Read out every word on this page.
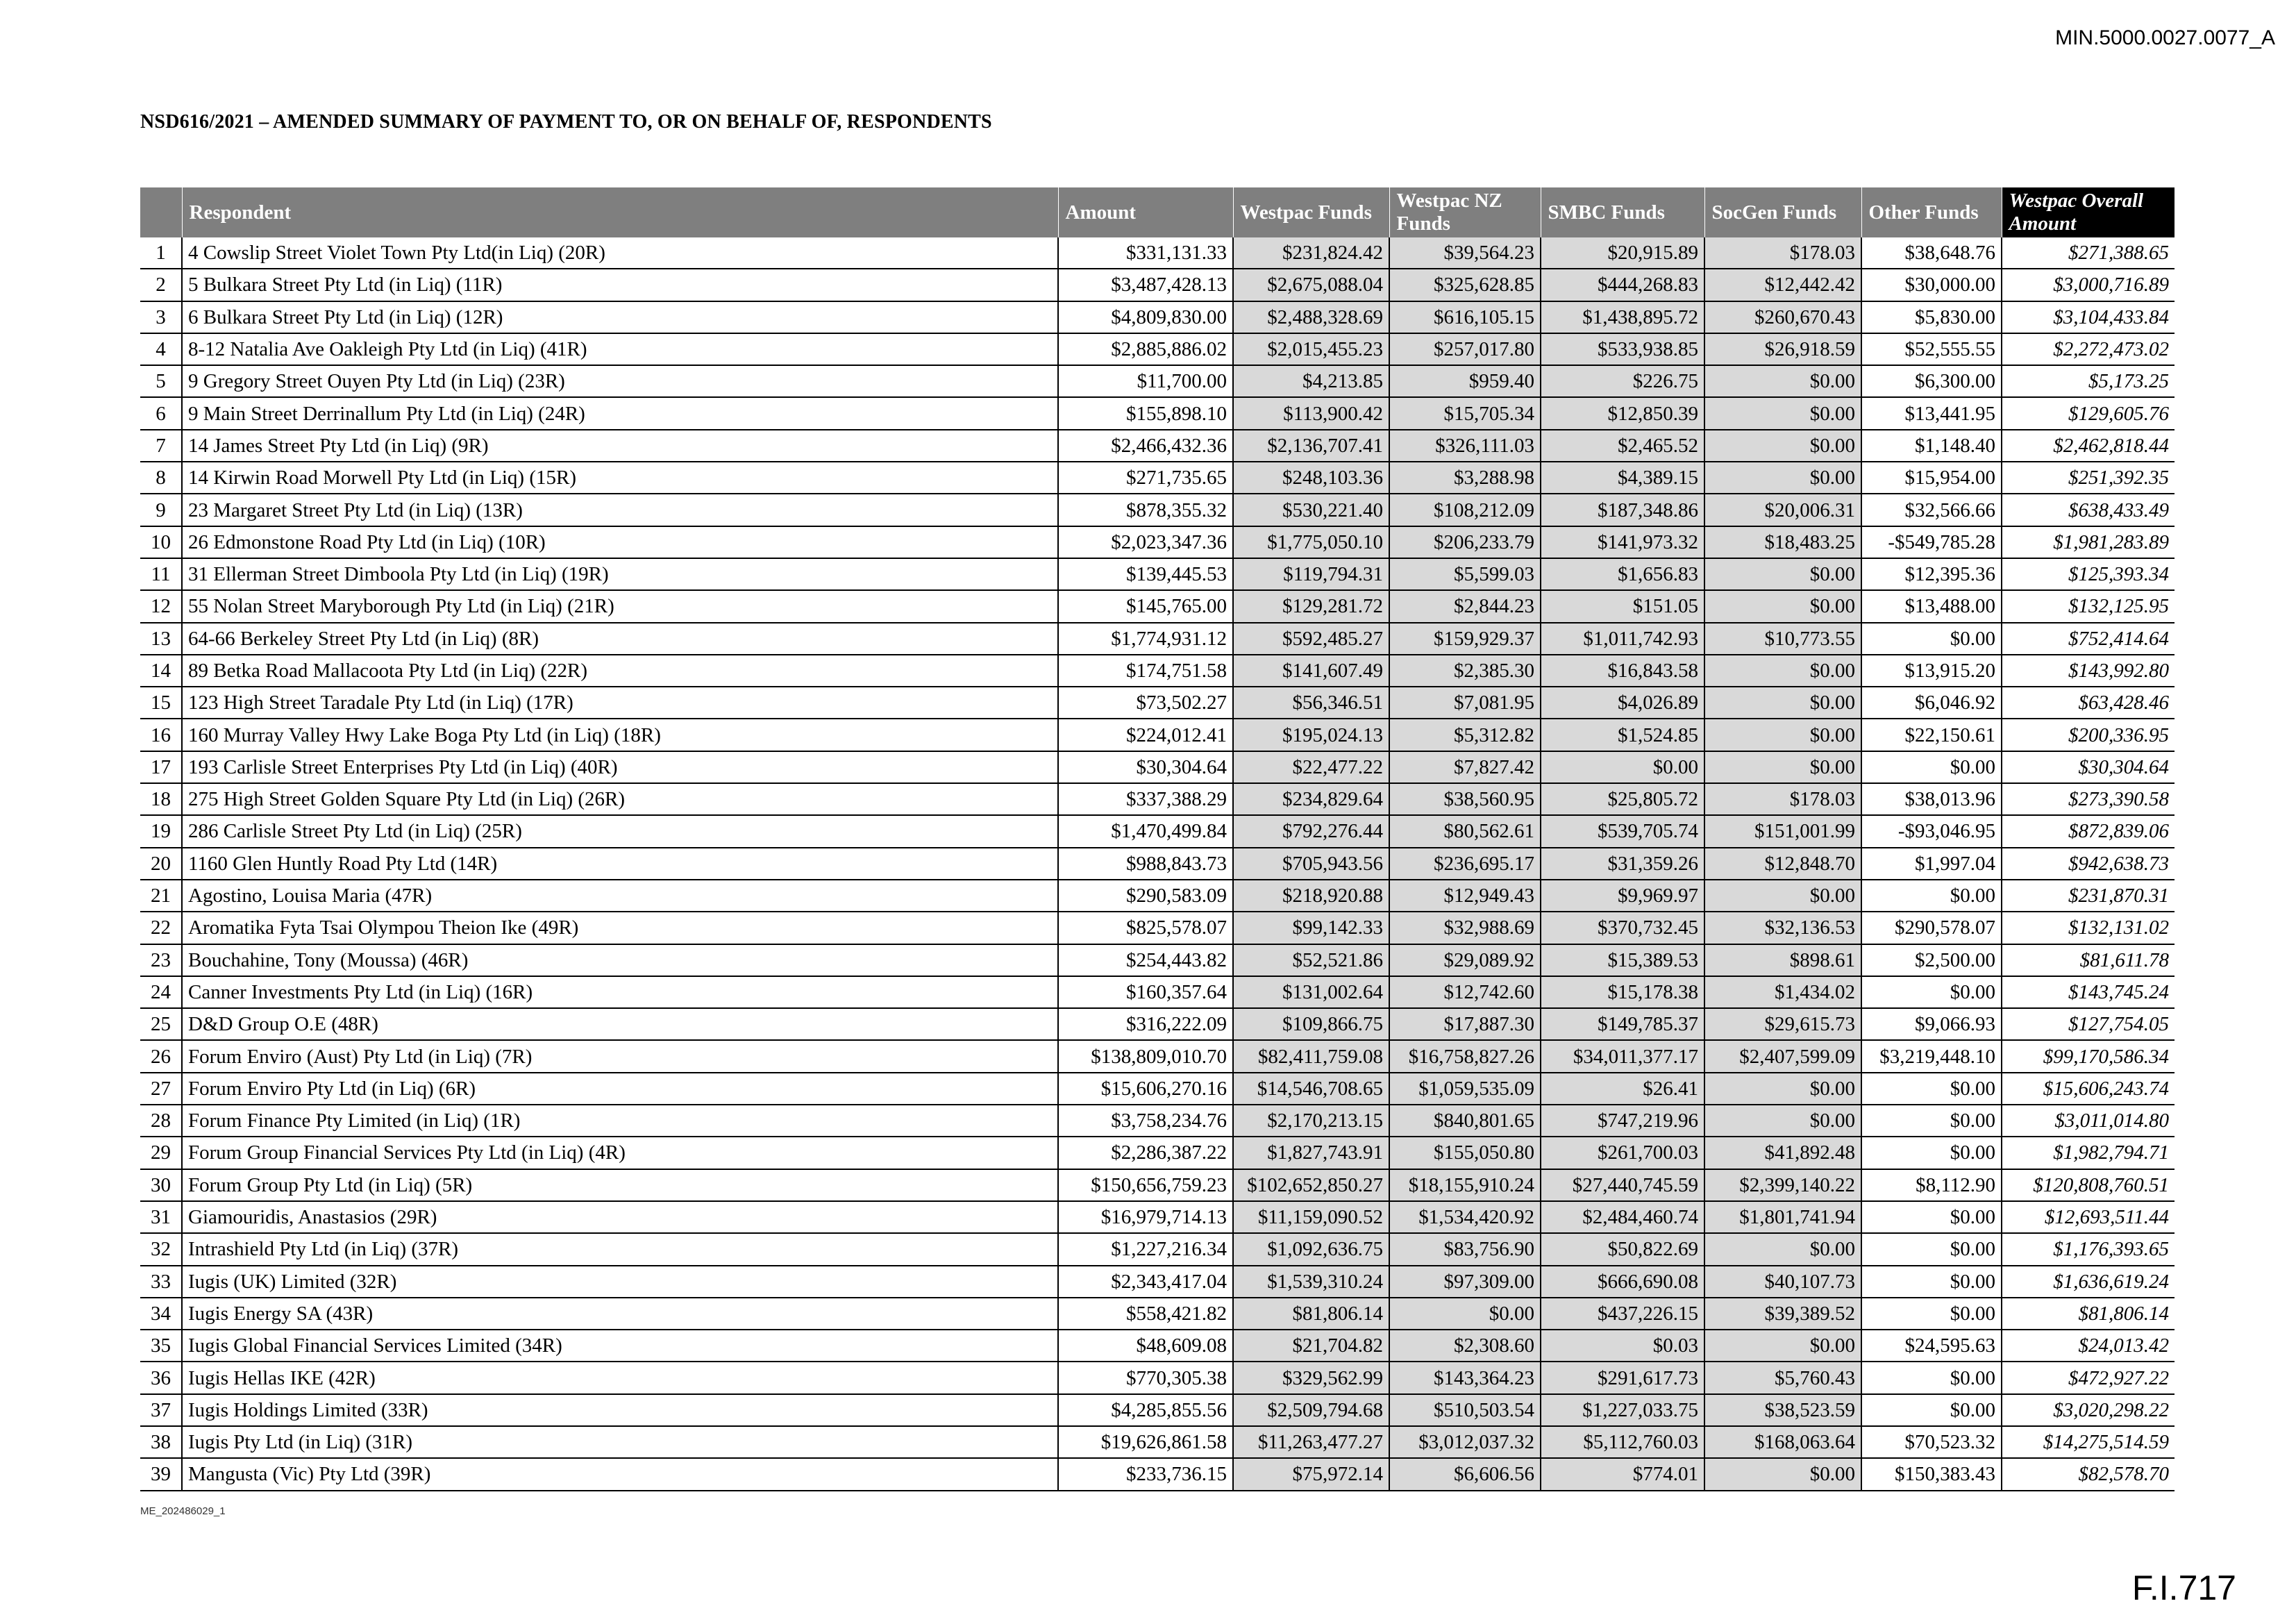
MIN.5000.0027.0077_A
NSD616/2021 – AMENDED SUMMARY OF PAYMENT TO, OR ON BEHALF OF, RESPONDENTS
	Respondent	Amount	Westpac Funds	Westpac NZ Funds	SMBC Funds	SocGen Funds	Other Funds	Westpac Overall Amount
1	4 Cowslip Street Violet Town Pty Ltd(in Liq) (20R)	$331,131.33	$231,824.42	$39,564.23	$20,915.89	$178.03	$38,648.76	$271,388.65
2	5 Bulkara Street Pty Ltd (in Liq) (11R)	$3,487,428.13	$2,675,088.04	$325,628.85	$444,268.83	$12,442.42	$30,000.00	$3,000,716.89
3	6 Bulkara Street Pty Ltd (in Liq) (12R)	$4,809,830.00	$2,488,328.69	$616,105.15	$1,438,895.72	$260,670.43	$5,830.00	$3,104,433.84
4	8-12 Natalia Ave Oakleigh Pty Ltd (in Liq) (41R)	$2,885,886.02	$2,015,455.23	$257,017.80	$533,938.85	$26,918.59	$52,555.55	$2,272,473.02
5	9 Gregory Street Ouyen Pty Ltd (in Liq) (23R)	$11,700.00	$4,213.85	$959.40	$226.75	$0.00	$6,300.00	$5,173.25
6	9 Main Street Derrinallum Pty Ltd (in Liq) (24R)	$155,898.10	$113,900.42	$15,705.34	$12,850.39	$0.00	$13,441.95	$129,605.76
7	14 James Street Pty Ltd (in Liq) (9R)	$2,466,432.36	$2,136,707.41	$326,111.03	$2,465.52	$0.00	$1,148.40	$2,462,818.44
8	14 Kirwin Road Morwell Pty Ltd (in Liq) (15R)	$271,735.65	$248,103.36	$3,288.98	$4,389.15	$0.00	$15,954.00	$251,392.35
9	23 Margaret Street Pty Ltd (in Liq) (13R)	$878,355.32	$530,221.40	$108,212.09	$187,348.86	$20,006.31	$32,566.66	$638,433.49
10	26 Edmonstone Road Pty Ltd (in Liq) (10R)	$2,023,347.36	$1,775,050.10	$206,233.79	$141,973.32	$18,483.25	-$549,785.28	$1,981,283.89
11	31 Ellerman Street Dimboola Pty Ltd (in Liq) (19R)	$139,445.53	$119,794.31	$5,599.03	$1,656.83	$0.00	$12,395.36	$125,393.34
12	55 Nolan Street Maryborough Pty Ltd (in Liq) (21R)	$145,765.00	$129,281.72	$2,844.23	$151.05	$0.00	$13,488.00	$132,125.95
13	64-66 Berkeley Street Pty Ltd (in Liq) (8R)	$1,774,931.12	$592,485.27	$159,929.37	$1,011,742.93	$10,773.55	$0.00	$752,414.64
14	89 Betka Road Mallacoota Pty Ltd (in Liq) (22R)	$174,751.58	$141,607.49	$2,385.30	$16,843.58	$0.00	$13,915.20	$143,992.80
15	123 High Street Taradale Pty Ltd (in Liq) (17R)	$73,502.27	$56,346.51	$7,081.95	$4,026.89	$0.00	$6,046.92	$63,428.46
16	160 Murray Valley Hwy Lake Boga Pty Ltd (in Liq) (18R)	$224,012.41	$195,024.13	$5,312.82	$1,524.85	$0.00	$22,150.61	$200,336.95
17	193 Carlisle Street Enterprises Pty Ltd (in Liq) (40R)	$30,304.64	$22,477.22	$7,827.42	$0.00	$0.00	$0.00	$30,304.64
18	275 High Street Golden Square Pty Ltd (in Liq) (26R)	$337,388.29	$234,829.64	$38,560.95	$25,805.72	$178.03	$38,013.96	$273,390.58
19	286 Carlisle Street Pty Ltd (in Liq) (25R)	$1,470,499.84	$792,276.44	$80,562.61	$539,705.74	$151,001.99	-$93,046.95	$872,839.06
20	1160 Glen Huntly Road Pty Ltd (14R)	$988,843.73	$705,943.56	$236,695.17	$31,359.26	$12,848.70	$1,997.04	$942,638.73
21	Agostino, Louisa Maria (47R)	$290,583.09	$218,920.88	$12,949.43	$9,969.97	$0.00	$0.00	$231,870.31
22	Aromatika Fyta Tsai Olympou Theion Ike (49R)	$825,578.07	$99,142.33	$32,988.69	$370,732.45	$32,136.53	$290,578.07	$132,131.02
23	Bouchahine, Tony (Moussa) (46R)	$254,443.82	$52,521.86	$29,089.92	$15,389.53	$898.61	$2,500.00	$81,611.78
24	Canner Investments Pty Ltd (in Liq) (16R)	$160,357.64	$131,002.64	$12,742.60	$15,178.38	$1,434.02	$0.00	$143,745.24
25	D&D Group O.E (48R)	$316,222.09	$109,866.75	$17,887.30	$149,785.37	$29,615.73	$9,066.93	$127,754.05
26	Forum Enviro (Aust) Pty Ltd (in Liq) (7R)	$138,809,010.70	$82,411,759.08	$16,758,827.26	$34,011,377.17	$2,407,599.09	$3,219,448.10	$99,170,586.34
27	Forum Enviro Pty Ltd (in Liq) (6R)	$15,606,270.16	$14,546,708.65	$1,059,535.09	$26.41	$0.00	$0.00	$15,606,243.74
28	Forum Finance Pty Limited (in Liq) (1R)	$3,758,234.76	$2,170,213.15	$840,801.65	$747,219.96	$0.00	$0.00	$3,011,014.80
29	Forum Group Financial Services Pty Ltd (in Liq) (4R)	$2,286,387.22	$1,827,743.91	$155,050.80	$261,700.03	$41,892.48	$0.00	$1,982,794.71
30	Forum Group Pty Ltd (in Liq) (5R)	$150,656,759.23	$102,652,850.27	$18,155,910.24	$27,440,745.59	$2,399,140.22	$8,112.90	$120,808,760.51
31	Giamouridis, Anastasios (29R)	$16,979,714.13	$11,159,090.52	$1,534,420.92	$2,484,460.74	$1,801,741.94	$0.00	$12,693,511.44
32	Intrashield Pty Ltd (in Liq) (37R)	$1,227,216.34	$1,092,636.75	$83,756.90	$50,822.69	$0.00	$0.00	$1,176,393.65
33	Iugis (UK) Limited (32R)	$2,343,417.04	$1,539,310.24	$97,309.00	$666,690.08	$40,107.73	$0.00	$1,636,619.24
34	Iugis Energy SA (43R)	$558,421.82	$81,806.14	$0.00	$437,226.15	$39,389.52	$0.00	$81,806.14
35	Iugis Global Financial Services Limited (34R)	$48,609.08	$21,704.82	$2,308.60	$0.03	$0.00	$24,595.63	$24,013.42
36	Iugis Hellas IKE (42R)	$770,305.38	$329,562.99	$143,364.23	$291,617.73	$5,760.43	$0.00	$472,927.22
37	Iugis Holdings Limited (33R)	$4,285,855.56	$2,509,794.68	$510,503.54	$1,227,033.75	$38,523.59	$0.00	$3,020,298.22
38	Iugis Pty Ltd (in Liq) (31R)	$19,626,861.58	$11,263,477.27	$3,012,037.32	$5,112,760.03	$168,063.64	$70,523.32	$14,275,514.59
39	Mangusta (Vic) Pty Ltd (39R)	$233,736.15	$75,972.14	$6,606.56	$774.01	$0.00	$150,383.43	$82,578.70
ME_202486029_1
F.I.717
